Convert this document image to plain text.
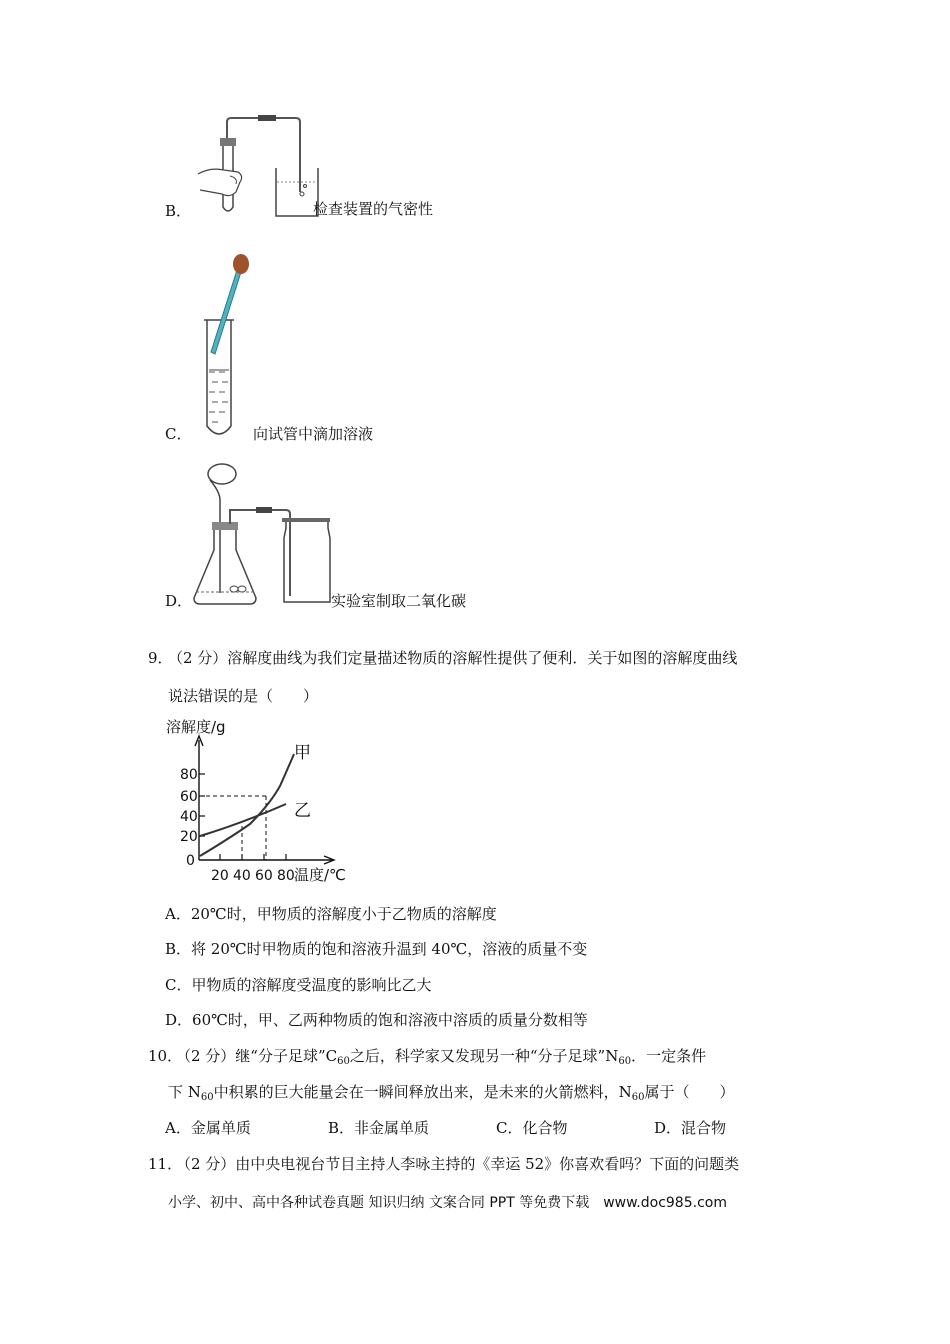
B．	检查装置的气密性
C．	向试管中滴加溶液
D．	实验室制取二氧化碳
9．
（2 分）溶解度曲线为我们定量描述物质的溶解性提供了便利．关于如图的溶解度曲线
说法错误的是（　　）
溶解度/g
80
60
40
20
0
20 40 60 80 温度/℃
甲
乙
A．20℃时，甲物质的溶解度小于乙物质的溶解度
B．将 20℃时甲物质的饱和溶液升温到 40℃，溶液的质量不变
C．甲物质的溶解度受温度的影响比乙大
D．60℃时，甲、乙两种物质的饱和溶液中溶质的质量分数相等
10．
（2 分）继“分子足球$”C_{60}$之后，科学家又发现另一种“分子足球$”N_{60}$．一定条件
下 $N_{60}$中积累的巨大能量会在一瞬间释放出来，是未来的火箭燃料，$N_{60}$属于（　　）
A．金属单质	B．非金属单质	C．化合物	D．混合物
11．
（2 分）由中央电视台节目主持人李咏主持的《幸运 52》你喜欢看吗？下面的问题类
小学、初中、高中各种试卷真题 知识归纳 文案合同 PPT 等免费下载　www.doc985.com
